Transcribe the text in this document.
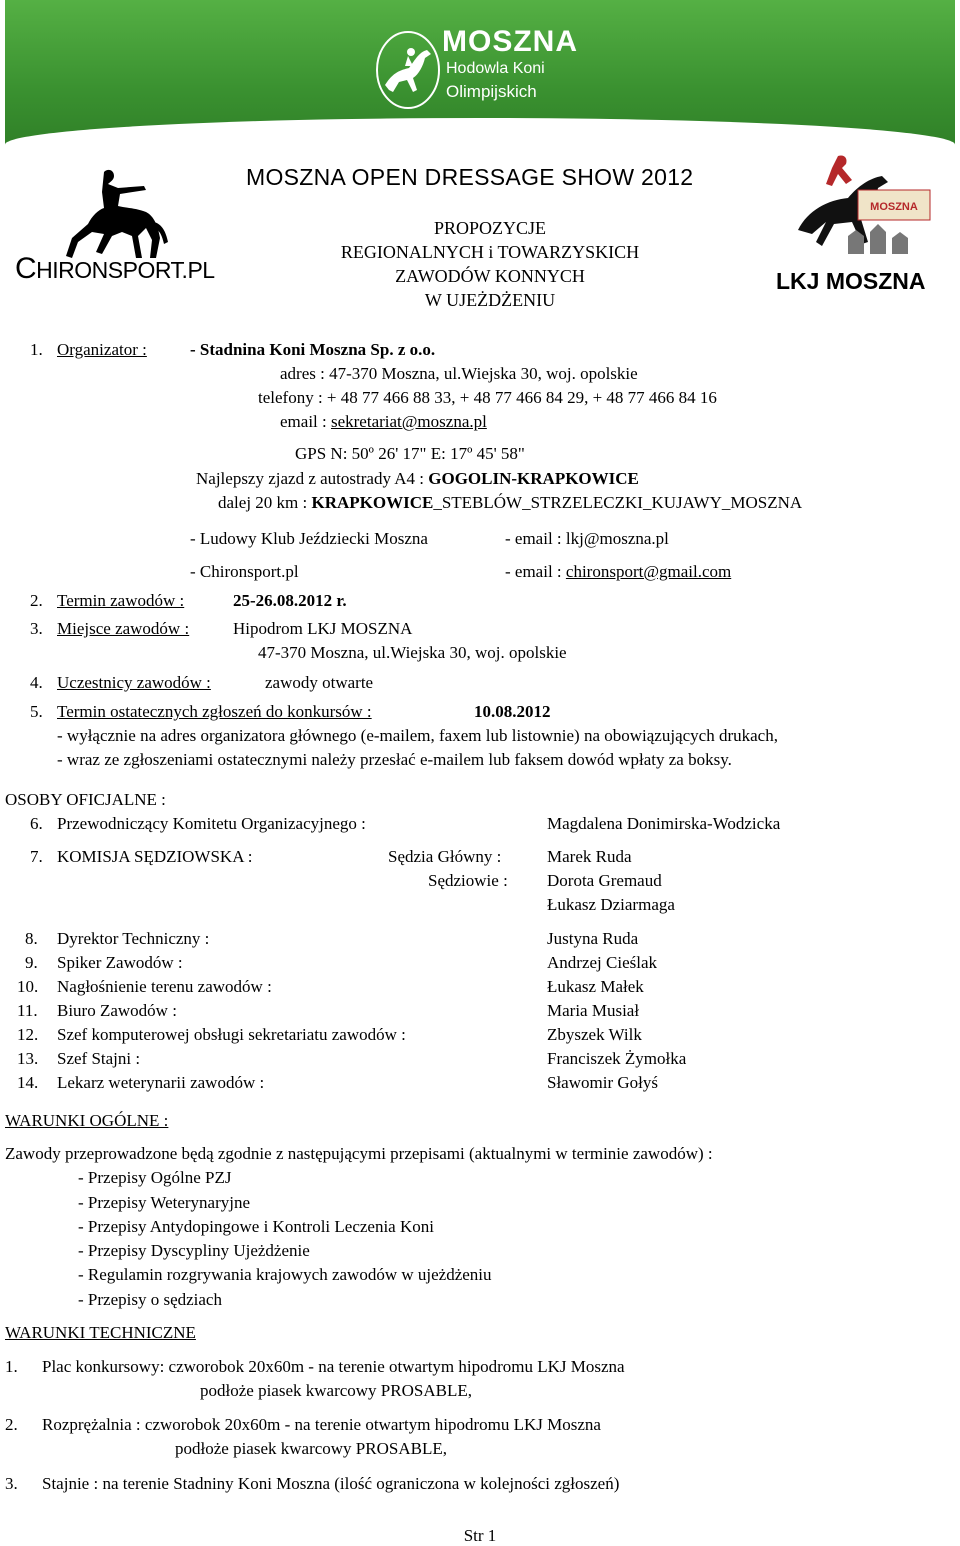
MOSZNA
Hodowla Koni
Olimpijskich
CHIRONSPORT.PL
MOSZNA OPEN DRESSAGE SHOW 2012
PROPOZYCJE
REGIONALNYCH i TOWARZYSKICH
ZAWODÓW KONNYCH
W UJEŻDŻENIU
MOSZNA
LKJ MOSZNA
1. Organizator :	- Stadnina Koni Moszna Sp. z o.o.
adres : 47-370 Moszna, ul.Wiejska 30, woj. opolskie
telefony : + 48 77 466 88 33, + 48 77 466 84 29, + 48 77 466 84 16
email : sekretariat@moszna.pl
GPS N: 50º 26' 17" E: 17º 45' 58"
Najlepszy zjazd z autostrady A4 : GOGOLIN-KRAPKOWICE
dalej 20 km : KRAPKOWICE_STEBLÓW_STRZELECZKI_KUJAWY_MOSZNA
- Ludowy Klub Jeździecki Moszna	- email : lkj@moszna.pl
- Chironsport.pl	- email : chironsport@gmail.com
2. Termin zawodów :	25-26.08.2012 r.
3. Miejsce zawodów :	Hipodrom LKJ MOSZNA
47-370 Moszna, ul.Wiejska 30, woj. opolskie
4. Uczestnicy zawodów :	zawody otwarte
5. Termin ostatecznych zgłoszeń do konkursów :	10.08.2012
- wyłącznie na adres organizatora głównego (e-mailem, faxem lub listownie) na obowiązujących drukach,
- wraz ze zgłoszeniami ostatecznymi należy przesłać e-mailem lub faksem dowód wpłaty za boksy.
OSOBY OFICJALNE :
6. Przewodniczący Komitetu Organizacyjnego :	Magdalena Donimirska-Wodzicka
7. KOMISJA SĘDZIOWSKA :	Sędzia Główny :	Marek Ruda
Sędziowie : Dorota Gremaud
Łukasz Dziarmaga
8. Dyrektor Techniczny :	Justyna Ruda
9. Spiker Zawodów :	Andrzej Cieślak
10. Nagłośnienie terenu zawodów :	Łukasz Małek
11. Biuro Zawodów :	Maria Musiał
12. Szef komputerowej obsługi sekretariatu zawodów :	Zbyszek Wilk
13. Szef Stajni :	Franciszek Żymołka
14. Lekarz weterynarii zawodów :	Sławomir Gołyś
WARUNKI OGÓLNE :
Zawody przeprowadzone będą zgodnie z następującymi przepisami (aktualnymi w terminie zawodów) :
- Przepisy Ogólne PZJ
- Przepisy Weterynaryjne
- Przepisy Antydopingowe i Kontroli Leczenia Koni
- Przepisy Dyscypliny Ujeżdżenie
- Regulamin rozgrywania krajowych zawodów w ujeżdżeniu
- Przepisy o sędziach
WARUNKI TECHNICZNE
1. Plac konkursowy: czworobok 20x60m - na terenie otwartym hipodromu LKJ Moszna
podłoże piasek kwarcowy PROSABLE,
2. Rozprężalnia : czworobok 20x60m - na terenie otwartym hipodromu LKJ Moszna
podłoże piasek kwarcowy PROSABLE,
3. Stajnie : na terenie Stadniny Koni Moszna (ilość ograniczona w kolejności zgłoszeń)
Str 1
